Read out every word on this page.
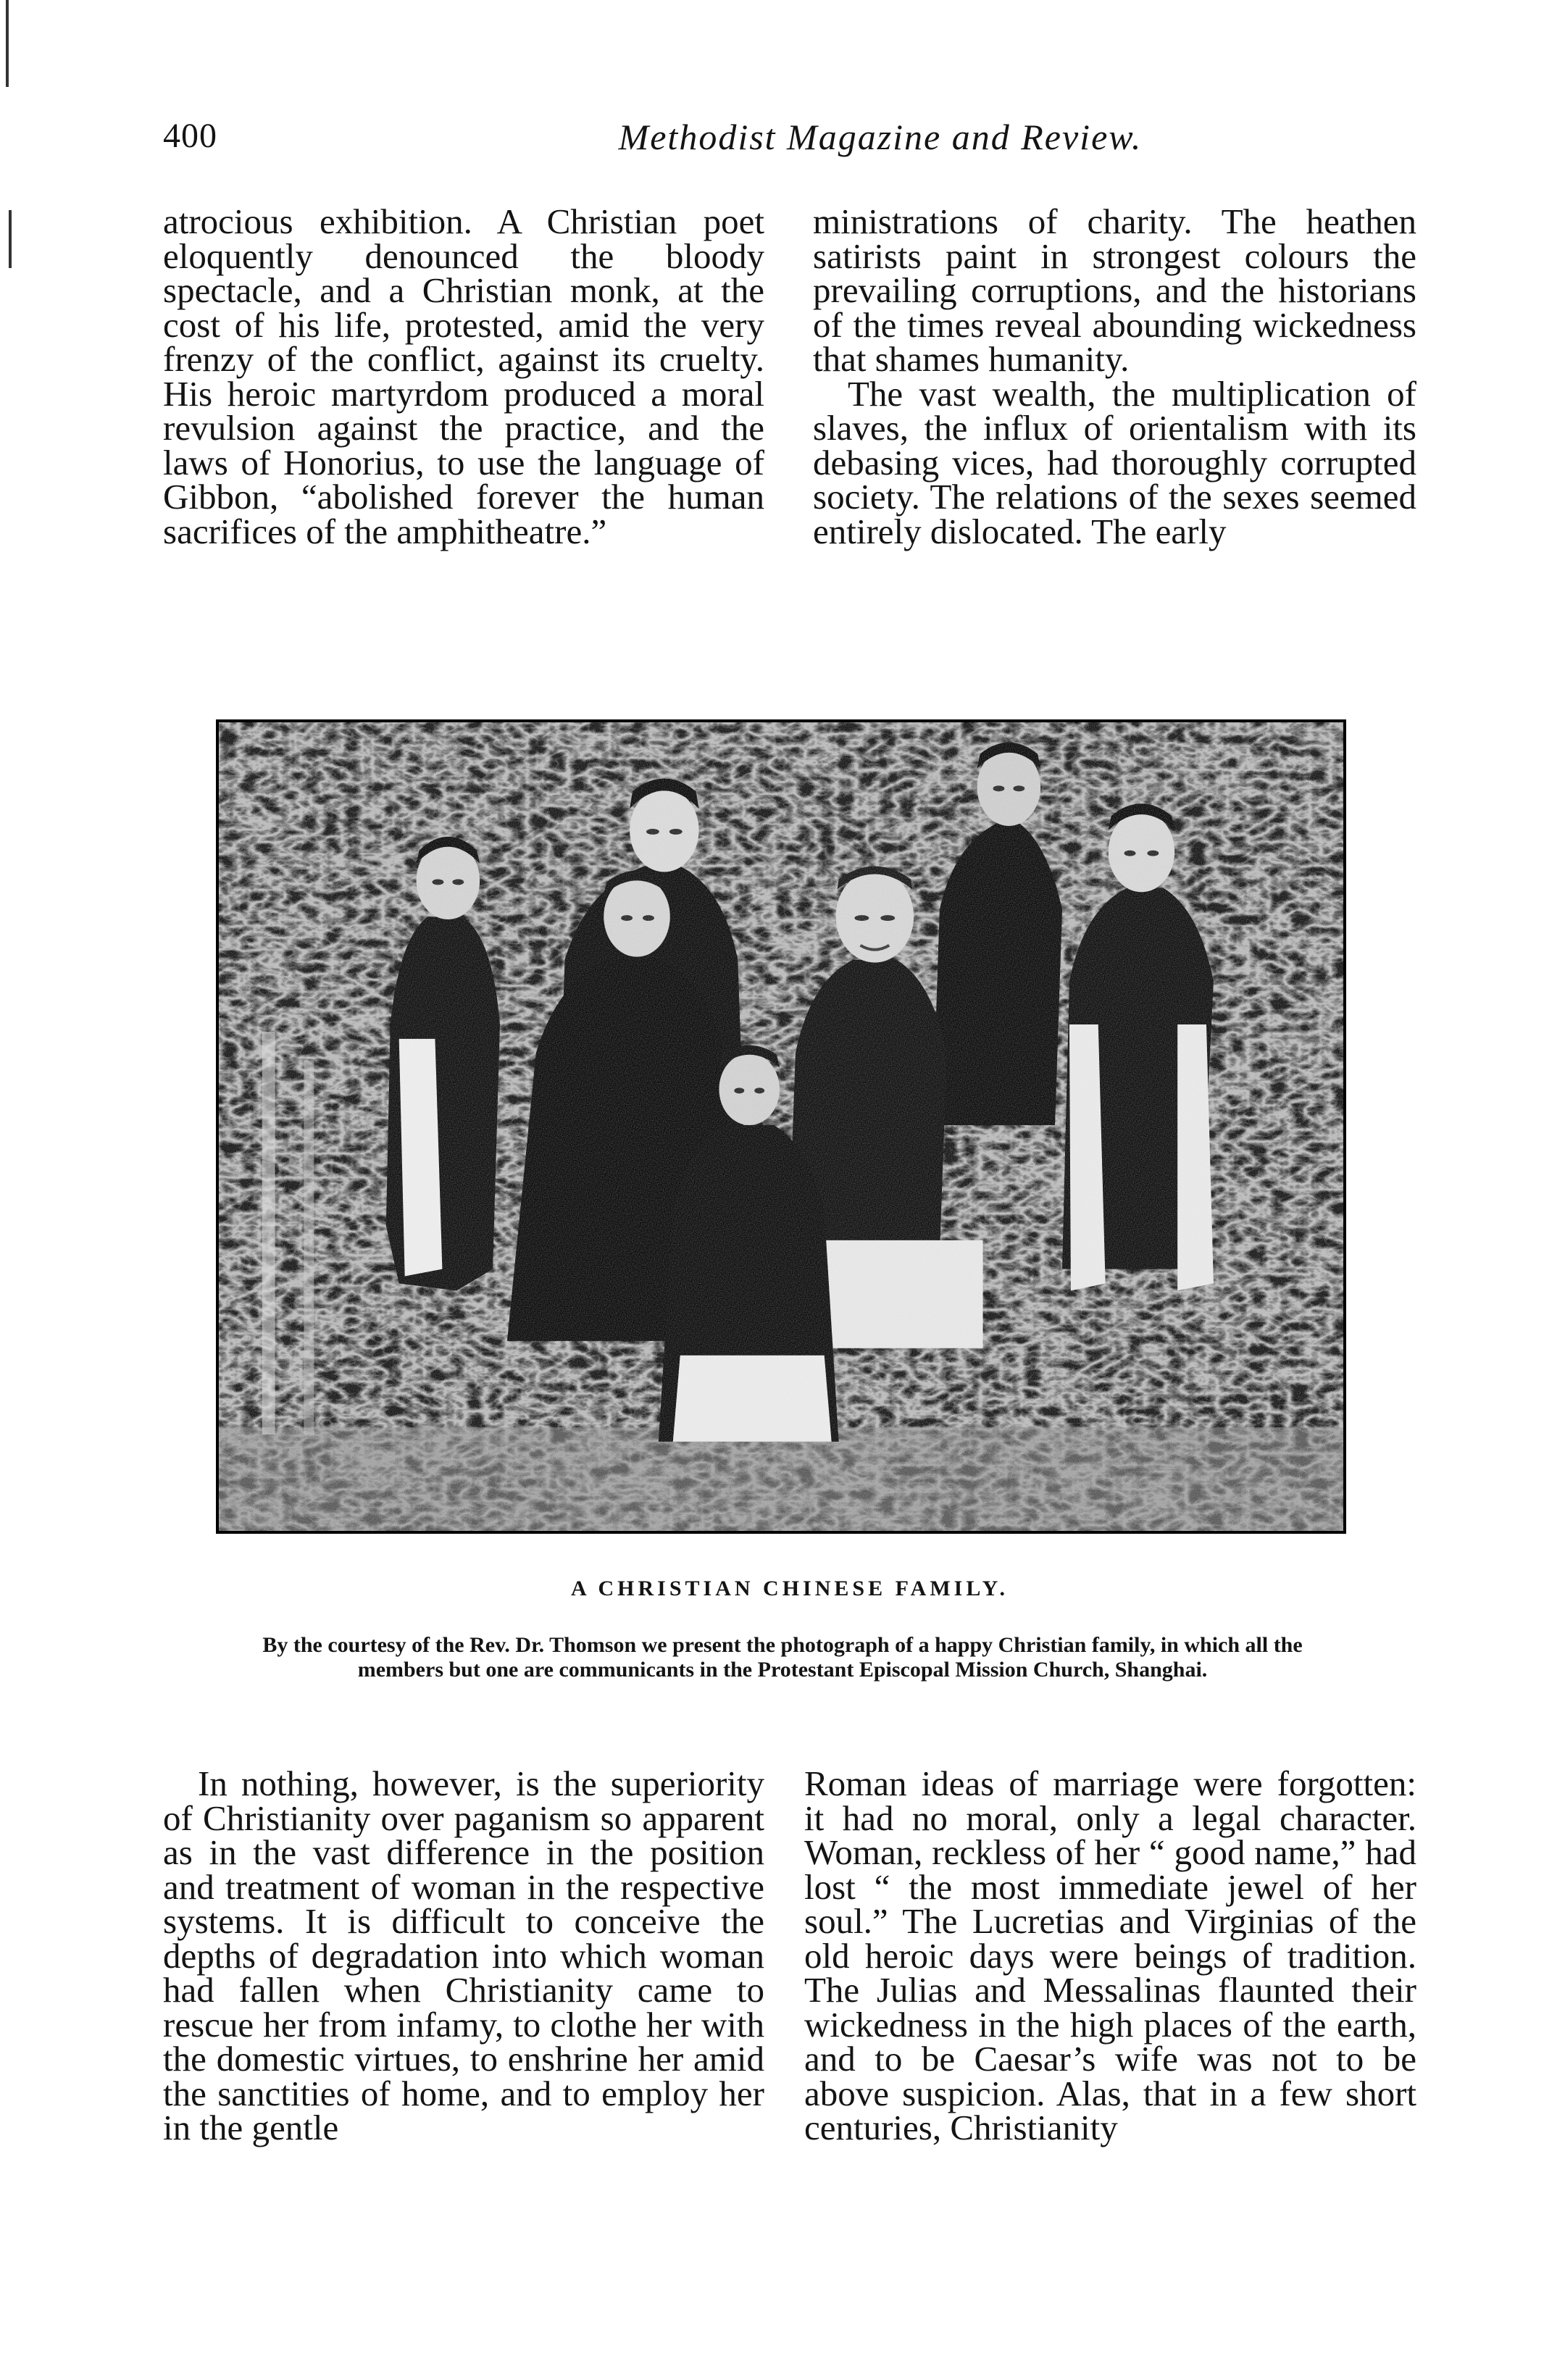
400	Methodist Magazine and Review.

atrocious exhibition. A Christian poet eloquently denounced the bloody spectacle, and a Christian monk, at the cost of his life, protested, amid the very frenzy of the conflict, against its cruelty. His heroic martyrdom produced a moral revulsion against the practice, and the laws of Honorius, to use the language of Gibbon, “abolished forever the human sacrifices of the amphitheatre.”

ministrations of charity. The heathen satirists paint in strongest colours the prevailing corruptions, and the historians of the times reveal abounding wickedness that shames humanity.

The vast wealth, the multiplication of slaves, the influx of orientalism with its debasing vices, had thoroughly corrupted society. The relations of the sexes seemed entirely dislocated. The early

A CHRISTIAN CHINESE FAMILY.
By the courtesy of the Rev. Dr. Thomson we present the photograph of a happy Christian family, in which all the members but one are communicants in the Protestant Episcopal Mission Church, Shanghai.

In nothing, however, is the superiority of Christianity over paganism so apparent as in the vast difference in the position and treatment of woman in the respective systems. It is difficult to conceive the depths of degradation into which woman had fallen when Christianity came to rescue her from infamy, to clothe her with the domestic virtues, to enshrine her amid the sanctities of home, and to employ her in the gentle

Roman ideas of marriage were forgotten: it had no moral, only a legal character. Woman, reckless of her “ good name,” had lost “ the most immediate jewel of her soul.” The Lucretias and Virginias of the old heroic days were beings of tradition. The Julias and Messalinas flaunted their wickedness in the high places of the earth, and to be Caesar’s wife was not to be above suspicion. Alas, that in a few short centuries, Christianity
